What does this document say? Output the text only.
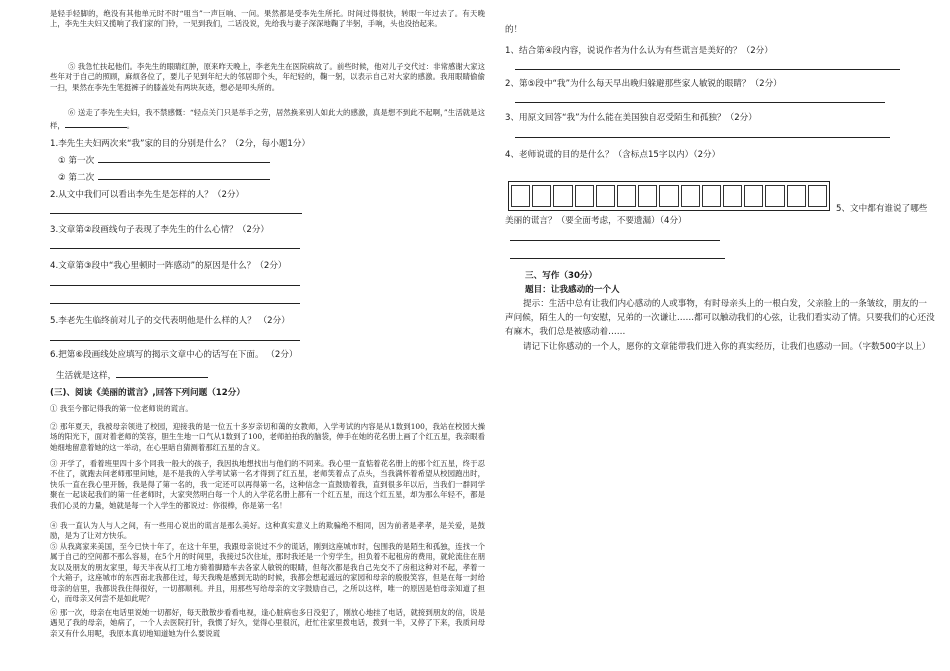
是轻手轻脚的，绝没有其他单元时不时“咀当”一声巨响、一问。果然都是受李先生所托。时间过得很快，转眼一年过去了。有天晚上，李先生夫妇又揽响了我们家的门铃，一见到我们，二话没说，先给我与妻子深深地鞠了半躬，手响，头也没抬起来。
⑤ 我急忙扶起他们。李先生的眼睛红肿，原来昨天晚上，李老先生在医院病故了。前些时候，他对儿子交代过：非常感谢大家这些年对于自己的照顾，麻烦各位了，要儿子见到年纪大的邻居即个头，年纪轻的，鞠一躬，以表示自己对大家的感激。我用眼睛偷偷一扫，果然在李先生笔挺裤子的膝盖处有两块灰迹，想必是叩头所的。
⑥ 送走了李先生夫妇，我不禁感慨：“轻点关门只是举手之劳，居然换来别人如此大的感激，真是想不到此不起啊，”生活就是这样，	。
1.李先生夫妇两次来“我”家的目的分别是什么？（2分，每小题1分）
① 第一次
② 第二次
2.从文中我们可以看出李先生是怎样的人？（2分）
3.文章第②段画线句子表现了李先生的什么心情？（2分）
4.文章第③段中“我心里顿时一阵感动”的原因是什么？（2分）
5.李老先生临终前对儿子的交代表明他是什么样的人？ （2分）
6.把第⑥段画线处应填写的揭示文章中心的话写在下面。 （2分）
生活就是这样，
(三)、阅读《美丽的谎言》,回答下列问题（12分）
① 我至今都记得我的第一位老师说的谎言。
② 那年夏天，我被母亲领进了校园，迎接我的是一位五十多岁亲切和蔼的女教师，入学考试的内容是从1数到100，我站在校园大操场的阳光下，面对着老师的笑容，胆生生地一口气从1数到了100，老师拍拍我的脑袋，伸手在她的花名册上画了个红五星，我亲眼看她细地留意着她的这一举动，在心里暗自猜测着那红五星的含义。
③ 开学了，看着班里四十多个同我一般大的孩子，我因执地想找出与他们的不同来。我心里一直惦着花名册上的那个红五星，终于忍不住了，就跑去问老师那里问她，是不是我的入学考试第一名才得到了红五星，老师笑着点了点头，当我满怀着希望从校园跑出时，快乐一直在我心里开肠，我是得了第一名的，我一定还可以再得第一名，这种信念一直鼓励着我，直到很多年以后，当我们一群同学聚在一起谈起我们的第一任老师时，大家突然明白每一个人的入学花名册上都有一个红五星，而这个红五星，却为那么年轻不，都是我们心灵的力量，她就是每一个入学生的都说过：你很棒，你是第一名！
④ 我一直认为人与人之间，有一些用心说出的谎言是那么美好。这种真实意义上的欺骗绝不相同，因为前者是孝孝，是关爱，是鼓励，是为了让对方快乐。
⑤ 从我离家来美国，至今已快十年了，在这十年里，我跟母亲说过不少的谎话，刚到这座城市时，包围我的是陌生和孤独，连找一个属于自己的空间都不那么容易，在5个月的时间里，我接过5次住址，那时我还是一个穷学生，担负着不起租房的费用，就轮流住在朋友以及朋友的朋友家里，每天半夜从打工地方骑着脚踏车去各家人敏锐的眼睛，但每次都是我自己先交不了房租这种对不起，孝着一个大箱子，这座城市的东西南北我都住过，每天我晚是感到无助的时候，我都会想起遥远的家园和母亲的殷殷笑容，但是在每一封给母亲的信里，我都说我住得很好，一切都顺利。并且，用那些写给母亲的文字鼓励自己，之所以这样，唯一的原因是怕母亲知道了担心，而母亲又何尝不是如此呢？
⑥ 那一次，母亲在电话里说她一切都好，每天散散步看看电视，逢心脏病也多日没犯了，刚放心地挂了电话，就接到朋友的信，说是遇见了我的母亲，她病了，一个人去医院打针，我惯了好久，觉得心里很沉，赶忙往家里拨电话，拨到一半，又停了下来，我质问母亲又有什么用呢，我原本真切地知道她为什么要说谎
的！
1、结合第④段内容，说说作者为什么认为有些谎言是美好的？（2分）
2、第⑤段中“我”为什么每天早出晚归躲避那些家人敏锐的眼睛？（2分）
3、用原文回答“我”为什么能在美国独自忍受陌生和孤独？（2分）
4、老师说谎的目的是什么？（含标点15字以内）（2分）
5、文中都有谁说了哪些
美丽的谎言？（要全面考虑，不要遗漏）（4分）
三、写作（30分）
题目：让我感动的一个人
提示：生活中总有让我们内心感动的人或事物，有时母亲头上的一根白发，父亲脸上的一条皱纹，朋友的一声问候，陌生人的一句安慰，兄弟的一次谦让……都可以触动我们的心弦，让我们看实动了情。只要我们的心还没有麻木，我们总是被感动着……
请记下让你感动的一个人，愿你的文章能带我们进入你的真实经历，让我们也感动一回。（字数500字以上）
